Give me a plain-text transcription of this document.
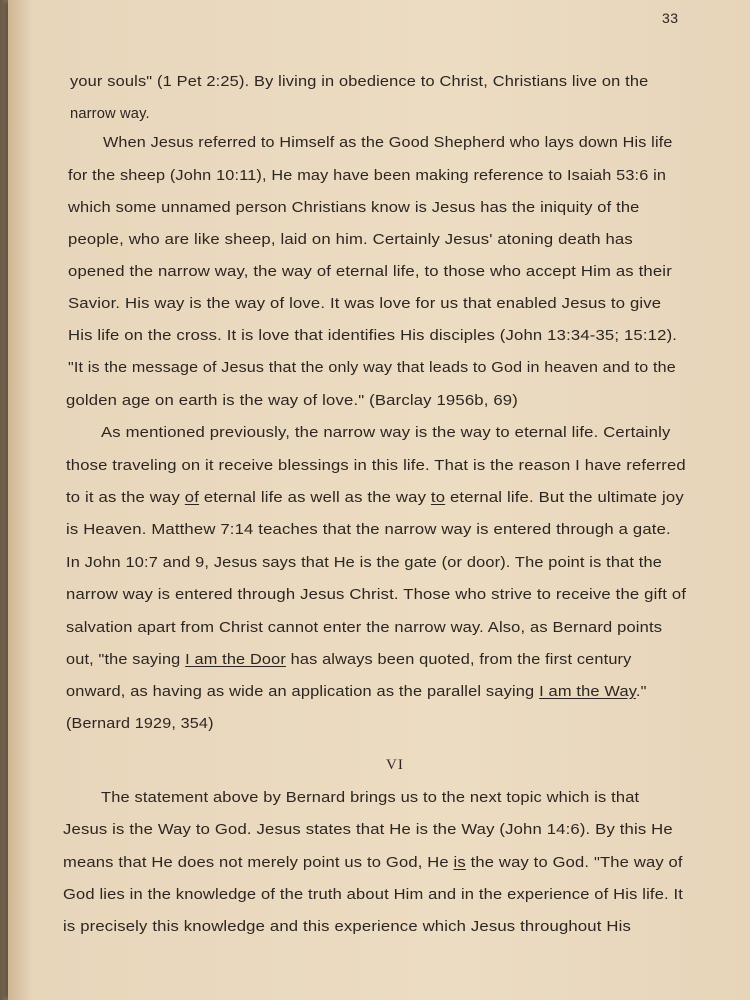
33
your souls" (1 Pet 2:25). By living in obedience to Christ, Christians live on the
narrow way.
When Jesus referred to Himself as the Good Shepherd who lays down His life
for the sheep (John 10:11), He may have been making reference to Isaiah 53:6 in
which some unnamed person Christians know is Jesus has the iniquity of the
people, who are like sheep, laid on him. Certainly Jesus' atoning death has
opened the narrow way, the way of eternal life, to those who accept Him as their
Savior. His way is the way of love. It was love for us that enabled Jesus to give
His life on the cross. It is love that identifies His disciples (John 13:34-35; 15:12).
"It is the message of Jesus that the only way that leads to God in heaven and to the
golden age on earth is the way of love." (Barclay 1956b, 69)
As mentioned previously, the narrow way is the way to eternal life. Certainly
those traveling on it receive blessings in this life. That is the reason I have referred
to it as the way of eternal life as well as the way to eternal life. But the ultimate joy
is Heaven. Matthew 7:14 teaches that the narrow way is entered through a gate.
In John 10:7 and 9, Jesus says that He is the gate (or door). The point is that the
narrow way is entered through Jesus Christ. Those who strive to receive the gift of
salvation apart from Christ cannot enter the narrow way. Also, as Bernard points
out, "the saying I am the Door has always been quoted, from the first century
onward, as having as wide an application as the parallel saying I am the Way."
(Bernard 1929, 354)
The statement above by Bernard brings us to the next topic which is that
Jesus is the Way to God. Jesus states that He is the Way (John 14:6). By this He
means that He does not merely point us to God, He is the way to God. "The way of
God lies in the knowledge of the truth about Him and in the experience of His life. It
is precisely this knowledge and this experience which Jesus throughout His
VI
